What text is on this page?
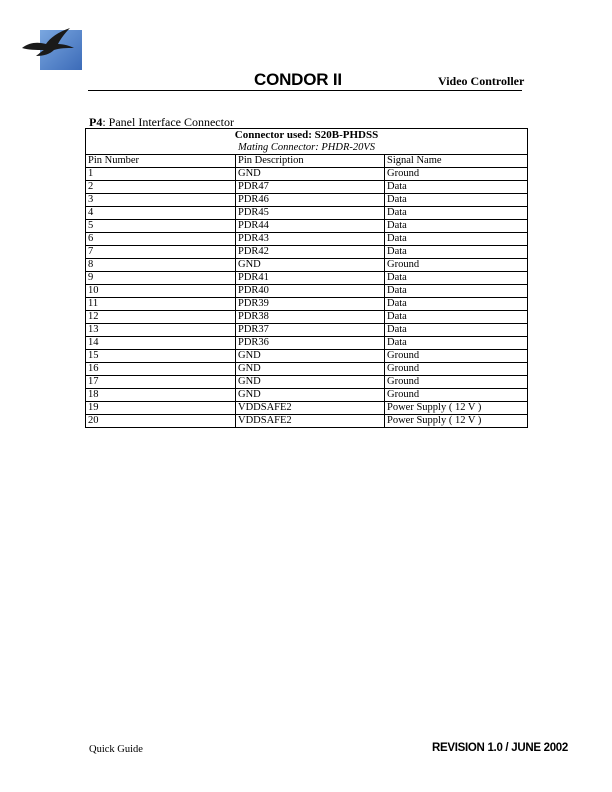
CONDOR II	Video Controller
P4: Panel Interface Connector
Connector used: S20B-PHDSS		
Mating Connector: PHDR-20VS		
Pin Number	Pin Description	Signal Name
1	GND	Ground
2	PDR47	Data
3	PDR46	Data
4	PDR45	Data
5	PDR44	Data
6	PDR43	Data
7	PDR42	Data
8	GND	Ground
9	PDR41	Data
10	PDR40	Data
11	PDR39	Data
12	PDR38	Data
13	PDR37	Data
14	PDR36	Data
15	GND	Ground
16	GND	Ground
17	GND	Ground
18	GND	Ground
19	VDDSAFE2	Power Supply ( 12 V )
20	VDDSAFE2	Power Supply ( 12 V )
Quick Guide	REVISION 1.0 / JUNE 2002
